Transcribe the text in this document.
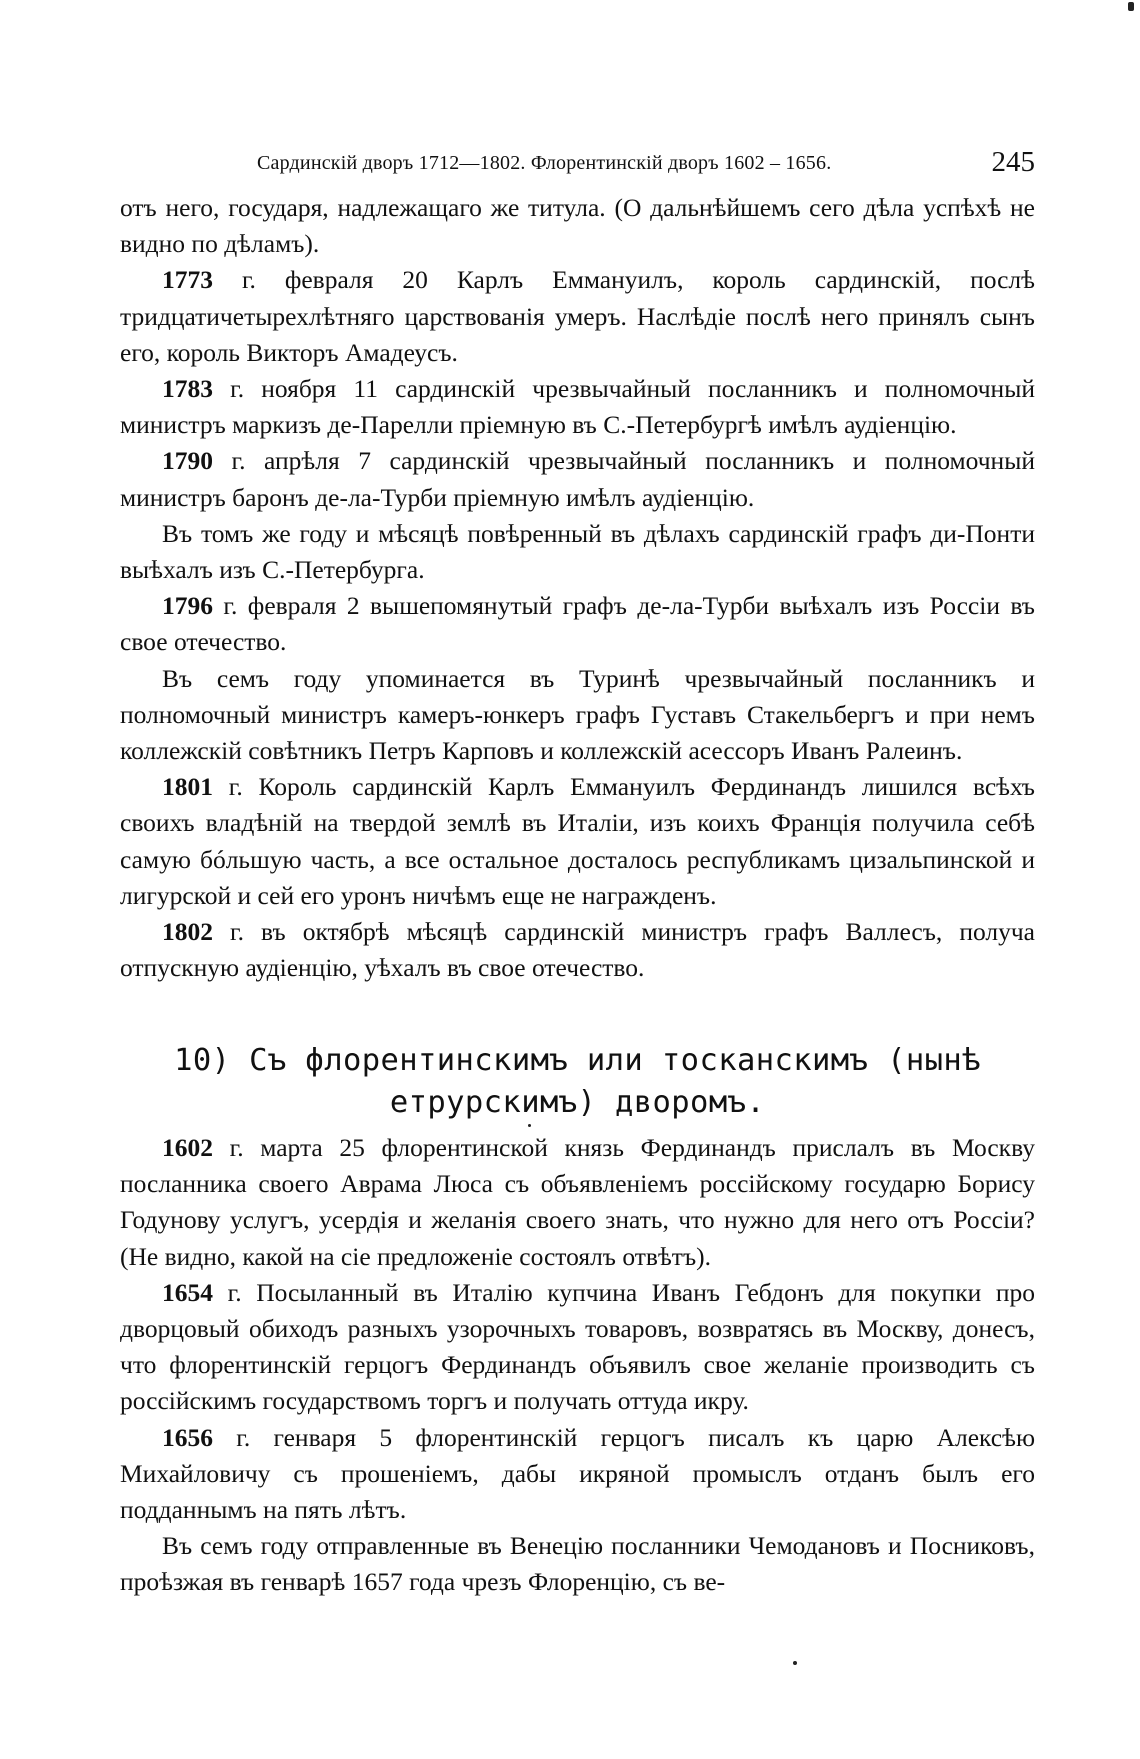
Сардинскій дворъ 1712—1802. Флорентинскій дворъ 1602 – 1656.	245

отъ него, государя, надлежащаго же титула. (О дальнѣйшемъ сего дѣла успѣхѣ не видно по дѣламъ).

1773 г. февраля 20 Карлъ Еммануилъ, король сардинскій, послѣ тридцатичетырехлѣтняго царствованія умеръ. Наслѣдіе послѣ него принялъ сынъ его, король Викторъ Амадеусъ.

1783 г. ноября 11 сардинскій чрезвычайный посланникъ и полномочный министръ маркизъ де-Парелли пріемную въ С.-Петербургѣ имѣлъ аудіенцію.

1790 г. апрѣля 7 сардинскій чрезвычайный посланникъ и полномочный министръ баронъ де-ла-Турби пріемную имѣлъ аудіенцію.

Въ томъ же году и мѣсяцѣ повѣренный въ дѣлахъ сардинскій графъ ди-Понти выѣхалъ изъ С.-Петербурга.

1796 г. февраля 2 вышепомянутый графъ де-ла-Турби выѣхалъ изъ Россіи въ свое отечество.

Въ семъ году упоминается въ Туринѣ чрезвычайный посланникъ и полномочный министръ камеръ-юнкеръ графъ Густавъ Стакельбергъ и при немъ коллежскій совѣтникъ Петръ Карповъ и коллежскій асессоръ Иванъ Ралеинъ.

1801 г. Король сардинскій Карлъ Еммануилъ Фердинандъ лишился всѣхъ своихъ владѣній на твердой землѣ въ Италіи, изъ коихъ Франція получила себѣ самую бóльшую часть, а все остальное досталось республикамъ цизальпинской и лигурской и сей его уронъ ничѣмъ еще не награжденъ.

1802 г. въ октябрѣ мѣсяцѣ сардинскій министръ графъ Валлесъ, получа отпускную аудіенцію, уѣхалъ въ свое отечество.

10) Съ флорентинскимъ или тосканскимъ (нынѣ
етрурскимъ) дворомъ.

1602 г. марта 25 флорентинской князь Фердинандъ прислалъ въ Москву посланника своего Аврама Люса съ объявленіемъ россійскому государю Борису Годунову услугъ, усердія и желанія своего знать, что нужно для него отъ Россіи? (Не видно, какой на сіе предложеніе состоялъ отвѣтъ).

1654 г. Посыланный въ Италію купчина Иванъ Гебдонъ для покупки про дворцовый обиходъ разныхъ узорочныхъ товаровъ, возвратясь въ Москву, донесъ, что флорентинскій герцогъ Фердинандъ объявилъ свое желаніе производить съ россійскимъ государствомъ торгъ и получать оттуда икру.

1656 г. генваря 5 флорентинскій герцогъ писалъ къ царю Алексѣю Михайловичу съ прошеніемъ, дабы икряной промыслъ отданъ былъ его подданнымъ на пять лѣтъ.

Въ семъ году отправленные въ Венецію посланники Чемодановъ и Посниковъ, проѣзжая въ генварѣ 1657 года чрезъ Флоренцію, съ ве-
